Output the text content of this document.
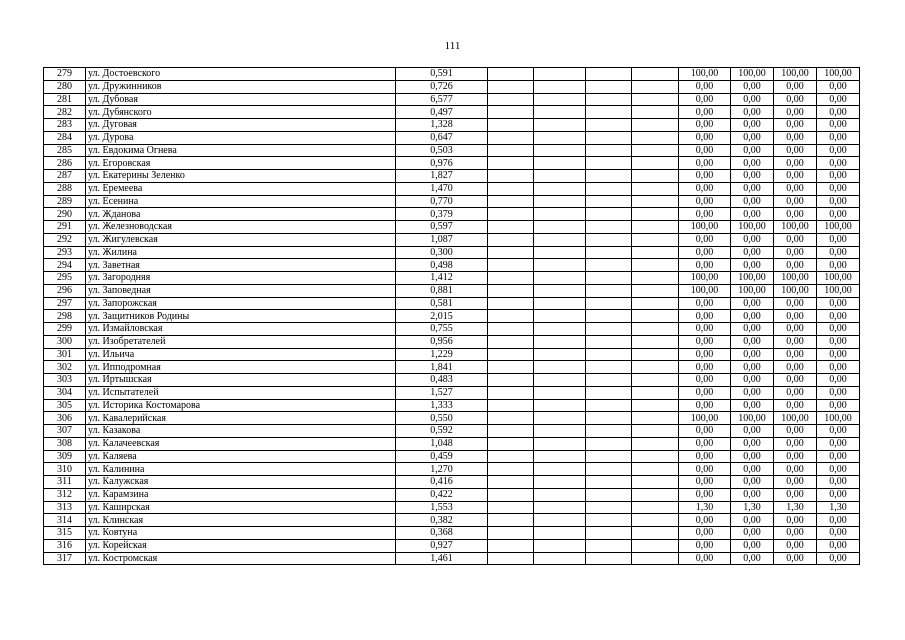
111
279	ул. Достоевского	0,591					100,00	100,00	100,00	100,00
280	ул. Дружинников	0,726					0,00	0,00	0,00	0,00
281	ул. Дубовая	6,577					0,00	0,00	0,00	0,00
282	ул. Дубянского	0,497					0,00	0,00	0,00	0,00
283	ул. Дуговая	1,328					0,00	0,00	0,00	0,00
284	ул. Дурова	0,647					0,00	0,00	0,00	0,00
285	ул. Евдокима Огнева	0,503					0,00	0,00	0,00	0,00
286	ул. Егоровская	0,976					0,00	0,00	0,00	0,00
287	ул. Екатерины Зеленко	1,827					0,00	0,00	0,00	0,00
288	ул. Еремеева	1,470					0,00	0,00	0,00	0,00
289	ул. Есенина	0,770					0,00	0,00	0,00	0,00
290	ул. Жданова	0,379					0,00	0,00	0,00	0,00
291	ул. Железноводская	0,597					100,00	100,00	100,00	100,00
292	ул. Жигулевская	1,087					0,00	0,00	0,00	0,00
293	ул. Жилина	0,300					0,00	0,00	0,00	0,00
294	ул. Заветная	0,498					0,00	0,00	0,00	0,00
295	ул. Загородняя	1,412					100,00	100,00	100,00	100,00
296	ул. Заповедная	0,881					100,00	100,00	100,00	100,00
297	ул. Запорожская	0,581					0,00	0,00	0,00	0,00
298	ул. Защитников Родины	2,015					0,00	0,00	0,00	0,00
299	ул. Измайловская	0,755					0,00	0,00	0,00	0,00
300	ул. Изобретателей	0,956					0,00	0,00	0,00	0,00
301	ул. Ильича	1,229					0,00	0,00	0,00	0,00
302	ул. Ипподромная	1,841					0,00	0,00	0,00	0,00
303	ул. Иртышская	0,483					0,00	0,00	0,00	0,00
304	ул. Испытателей	1,527					0,00	0,00	0,00	0,00
305	ул. Историка Костомарова	1,333					0,00	0,00	0,00	0,00
306	ул. Кавалерийская	0,550					100,00	100,00	100,00	100,00
307	ул. Казакова	0,592					0,00	0,00	0,00	0,00
308	ул. Калачеевская	1,048					0,00	0,00	0,00	0,00
309	ул. Каляева	0,459					0,00	0,00	0,00	0,00
310	ул. Калинина	1,270					0,00	0,00	0,00	0,00
311	ул. Калужская	0,416					0,00	0,00	0,00	0,00
312	ул. Карамзина	0,422					0,00	0,00	0,00	0,00
313	ул. Каширская	1,553					1,30	1,30	1,30	1,30
314	ул. Клинская	0,382					0,00	0,00	0,00	0,00
315	ул. Ковтуна	0,368					0,00	0,00	0,00	0,00
316	ул. Корейская	0,927					0,00	0,00	0,00	0,00
317	ул. Костромская	1,461					0,00	0,00	0,00	0,00
